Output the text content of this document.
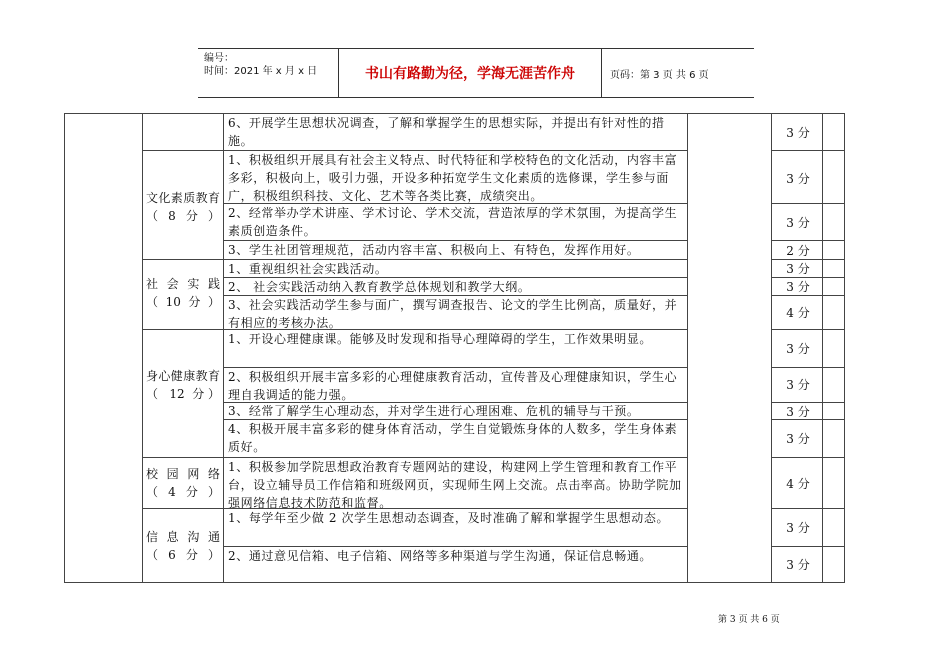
编号：
时间：2021 年 x 月 x 日	书山有路勤为径，学海无涯苦作舟	页码：第 3 页 共 6 页
文化素质教育（8分）
社 会 实 践（10分）
身心健康教育（ 12 分）
校 园 网 络（4分）
信 息 沟 通（6分）
6、开展学生思想状况调查，了解和掌握学生的思想实际，并提出有针对性的措施。
1、积极组织开展具有社会主义特点、时代特征和学校特色的文化活动，内容丰富多彩，积极向上，吸引力强，开设多种拓宽学生文化素质的选修课，学生参与面广，积极组织科技、文化、艺术等各类比赛，成绩突出。
2、经常举办学术讲座、学术讨论、学术交流，营造浓厚的学术氛围，为提高学生素质创造条件。
3、学生社团管理规范，活动内容丰富、积极向上、有特色，发挥作用好。
1、重视组织社会实践活动。
2、 社会实践活动纳入教育教学总体规划和教学大纲。
3、社会实践活动学生参与面广，撰写调查报告、论文的学生比例高，质量好，并有相应的考核办法。
1、开设心理健康课。能够及时发现和指导心理障碍的学生，工作效果明显。
2、积极组织开展丰富多彩的心理健康教育活动，宣传普及心理健康知识，学生心理自我调适的能力强。
3、经常了解学生心理动态，并对学生进行心理困难、危机的辅导与干预。
4、积极开展丰富多彩的健身体育活动，学生自觉锻炼身体的人数多，学生身体素质好。
1、积极参加学院思想政治教育专题网站的建设，构建网上学生管理和教育工作平台，设立辅导员工作信箱和班级网页，实现师生网上交流。点击率高。协助学院加强网络信息技术防范和监督。
1、每学年至少做 2 次学生思想动态调查，及时准确了解和掌握学生思想动态。
2、通过意见信箱、电子信箱、网络等多种渠道与学生沟通，保证信息畅通。
3 分
3 分
3 分
2 分
3 分
3 分
4 分
3 分
3 分
3 分
3 分
4 分
3 分
3 分
第 3 页 共 6 页
